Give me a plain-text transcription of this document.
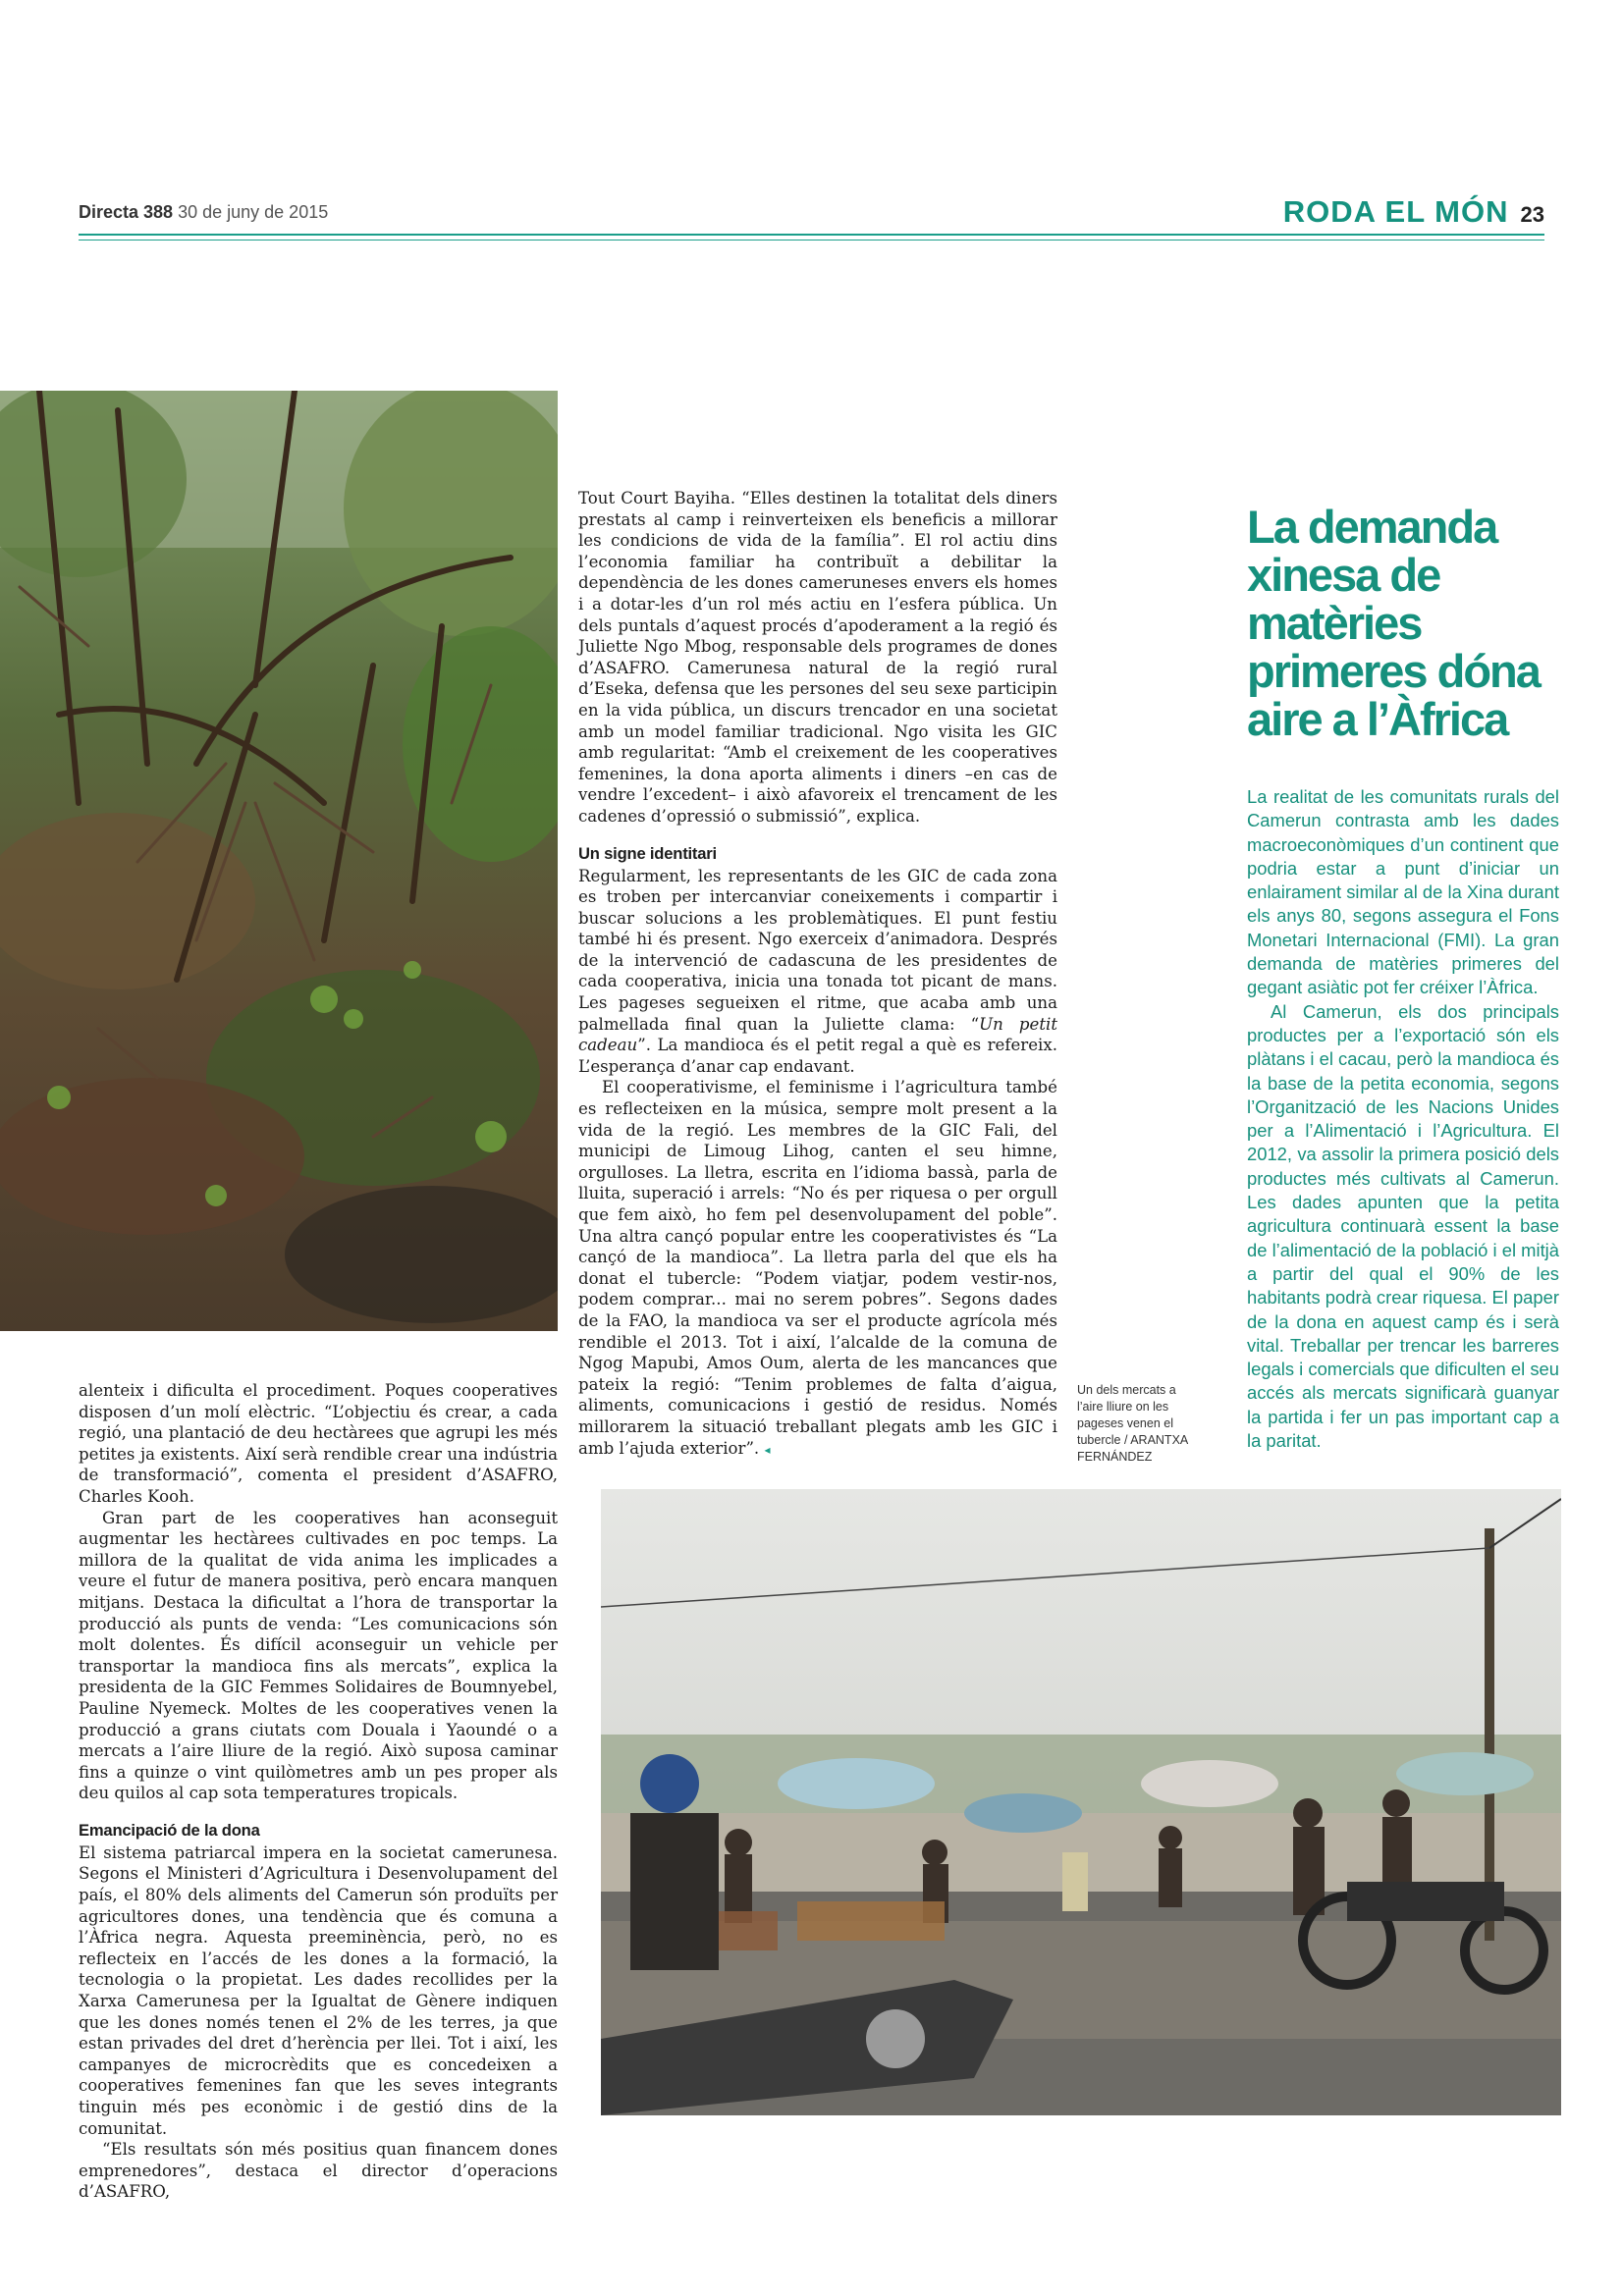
Directa 388 30 de juny de 2015	RODA EL MÓN 23

alenteix i dificulta el procediment. Poques cooperatives disposen d’un molí elèctric. “L’objectiu és crear, a cada regió, una plantació de deu hectàrees que agrupi les més petites ja existents. Així serà rendible crear una indústria de transformació”, comenta el president d’ASAFRO, Charles Kooh.

Gran part de les cooperatives han aconseguit augmentar les hectàrees cultivades en poc temps. La millora de la qualitat de vida anima les implicades a veure el futur de manera positiva, però encara manquen mitjans. Destaca la dificultat a l’hora de transportar la producció als punts de venda: “Les comunicacions són molt dolentes. És difícil aconseguir un vehicle per transportar la mandioca fins als mercats”, explica la presidenta de la GIC Femmes Solidaires de Boumnyebel, Pauline Nyemeck. Moltes de les cooperatives venen la producció a grans ciutats com Douala i Yaoundé o a mercats a l’aire lliure de la regió. Això suposa caminar fins a quinze o vint quilòmetres amb un pes proper als deu quilos al cap sota temperatures tropicals.

Emancipació de la dona

El sistema patriarcal impera en la societat camerunesa. Segons el Ministeri d’Agricultura i Desenvolupament del país, el 80% dels aliments del Camerun són produïts per agricultores dones, una tendència que és comuna a l’Àfrica negra. Aquesta preeminència, però, no es reflecteix en l’accés de les dones a la formació, la tecnologia o la propietat. Les dades recollides per la Xarxa Camerunesa per la Igualtat de Gènere indiquen que les dones només tenen el 2% de les terres, ja que estan privades del dret d’herència per llei. Tot i així, les campanyes de microcrèdits que es concedeixen a cooperatives femenines fan que les seves integrants tinguin més pes econòmic i de gestió dins de la comunitat.

“Els resultats són més positius quan financem dones emprenedores”, destaca el director d’operacions d’ASAFRO,

Tout Court Bayiha. “Elles destinen la totalitat dels diners prestats al camp i reinverteixen els beneficis a millorar les condicions de vida de la família”. El rol actiu dins l’economia familiar ha contribuït a debilitar la dependència de les dones cameruneses envers els homes i a dotar-les d’un rol més actiu en l’esfera pública. Un dels puntals d’aquest procés d’apoderament a la regió és Juliette Ngo Mbog, responsable dels programes de dones d’ASAFRO. Camerunesa natural de la regió rural d’Eseka, defensa que les persones del seu sexe participin en la vida pública, un discurs trencador en una societat amb un model familiar tradicional. Ngo visita les GIC amb regularitat: “Amb el creixement de les cooperatives femenines, la dona aporta aliments i diners –en cas de vendre l’excedent– i això afavoreix el trencament de les cadenes d’opressió o submissió”, explica.

Un signe identitari

Regularment, les representants de les GIC de cada zona es troben per intercanviar coneixements i compartir i buscar solucions a les problemàtiques. El punt festiu també hi és present. Ngo exerceix d’animadora. Després de la intervenció de cadascuna de les presidentes de cada cooperativa, inicia una tonada tot picant de mans. Les pageses segueixen el ritme, que acaba amb una palmellada final quan la Juliette clama: “Un petit cadeau”. La mandioca és el petit regal a què es refereix. L’esperança d’anar cap endavant.

El cooperativisme, el feminisme i l’agricultura també es reflecteixen en la música, sempre molt present a la vida de la regió. Les membres de la GIC Fali, del municipi de Limoug Lihog, canten el seu himne, orgulloses. La lletra, escrita en l’idioma bassà, parla de lluita, superació i arrels: “No és per riquesa o per orgull que fem això, ho fem pel desenvolupament del poble”. Una altra cançó popular entre les cooperativistes és “La cançó de la mandioca”. La lletra parla del que els ha donat el tubercle: “Podem viatjar, podem vestir-nos, podem comprar... mai no serem pobres”. Segons dades de la FAO, la mandioca va ser el producte agrícola més rendible el 2013. Tot i així, l’alcalde de la comuna de Ngog Mapubi, Amos Oum, alerta de les mancances que pateix la regió: “Tenim problemes de falta d’aigua, aliments, comunicacions i gestió de residus. Només millorarem la situació treballant plegats amb les GIC i amb l’ajuda exterior”. ◂

Un dels mercats a l’aire lliure on les pageses venen el tubercle / ARANTXA FERNÁNDEZ
La demanda xinesa de matèries primeres dóna aire a l’Àfrica

La realitat de les comunitats rurals del Camerun contrasta amb les dades macroeconòmiques d’un continent que podria estar a punt d’iniciar un enlairament similar al de la Xina durant els anys 80, segons assegura el Fons Monetari Internacional (FMI). La gran demanda de matèries primeres del gegant asiàtic pot fer créixer l’Àfrica.

Al Camerun, els dos principals productes per a l’exportació són els plàtans i el cacau, però la mandioca és la base de la petita economia, segons l’Organització de les Nacions Unides per a l’Alimentació i l’Agricultura. El 2012, va assolir la primera posició dels productes més cultivats al Camerun. Les dades apunten que la petita agricultura continuarà essent la base de l’alimentació de la població i el mitjà a partir del qual el 90% de les habitants podrà crear riquesa. El paper de la dona en aquest camp és i serà vital. Treballar per trencar les barreres legals i comercials que dificulten el seu accés als mercats significarà guanyar la partida i fer un pas important cap a la paritat.
